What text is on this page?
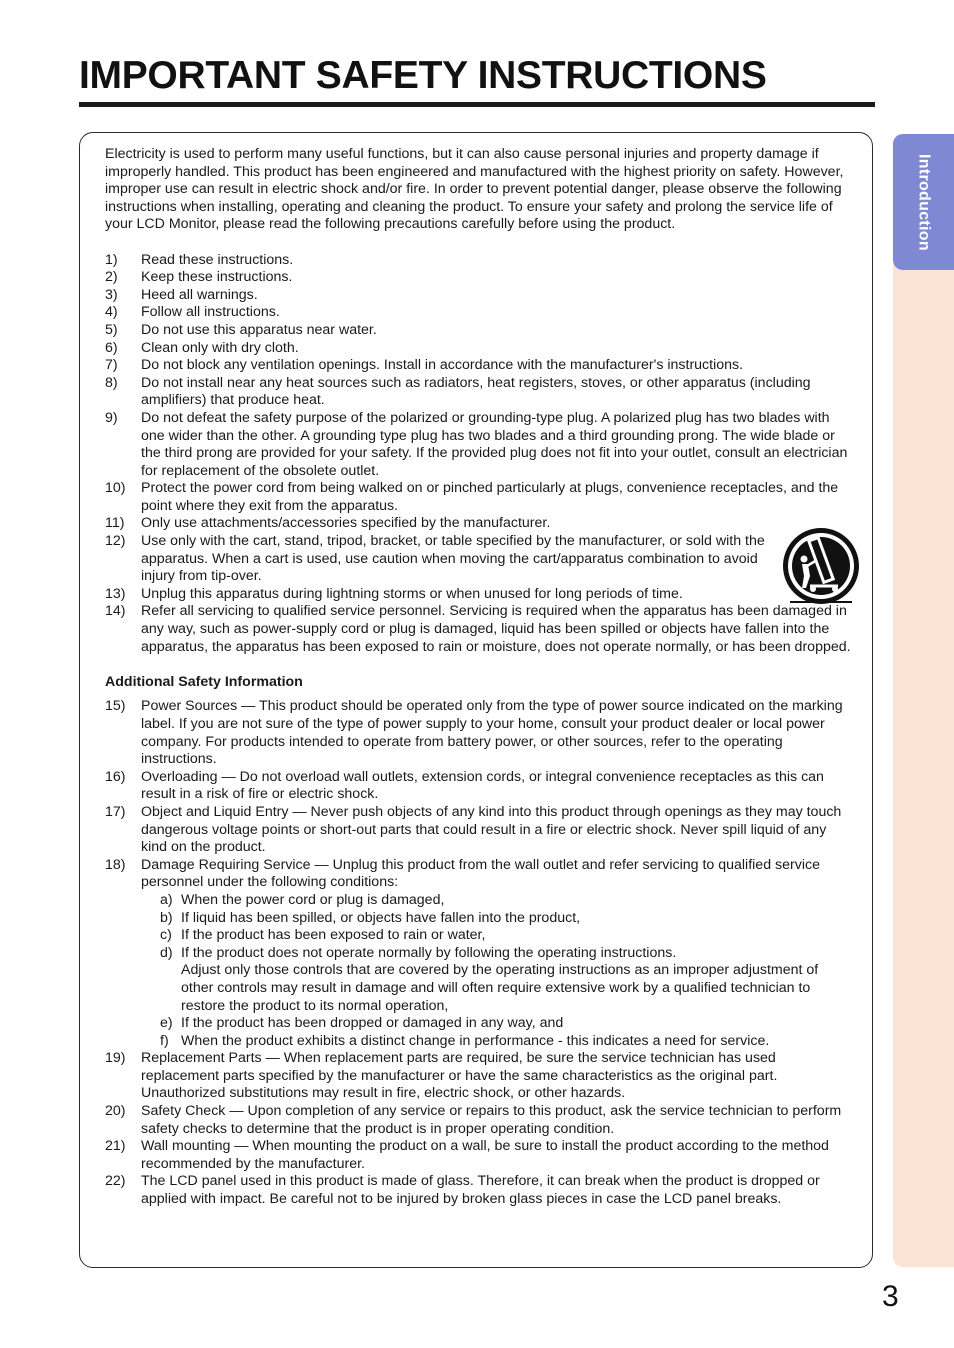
IMPORTANT SAFETY INSTRUCTIONS
Introduction

Electricity is used to perform many useful functions, but it can also cause personal injuries and property damage if improperly handled. This product has been engineered and manufactured with the highest priority on safety. However, improper use can result in electric shock and/or fire. In order to prevent potential danger, please observe the following instructions when installing, operating and cleaning the product. To ensure your safety and prolong the service life of your LCD Monitor, please read the following precautions carefully before using the product.

1) Read these instructions.
2) Keep these instructions.
3) Heed all warnings.
4) Follow all instructions.
5) Do not use this apparatus near water.
6) Clean only with dry cloth.
7) Do not block any ventilation openings. Install in accordance with the manufacturer's instructions.
8) Do not install near any heat sources such as radiators, heat registers, stoves, or other apparatus (including amplifiers) that produce heat.
9) Do not defeat the safety purpose of the polarized or grounding-type plug. A polarized plug has two blades with one wider than the other. A grounding type plug has two blades and a third grounding prong. The wide blade or the third prong are provided for your safety. If the provided plug does not fit into your outlet, consult an electrician for replacement of the obsolete outlet.
10) Protect the power cord from being walked on or pinched particularly at plugs, convenience receptacles, and the point where they exit from the apparatus.
11) Only use attachments/accessories specified by the manufacturer.
12) Use only with the cart, stand, tripod, bracket, or table specified by the manufacturer, or sold with the apparatus. When a cart is used, use caution when moving the cart/apparatus combination to avoid injury from tip-over.
13) Unplug this apparatus during lightning storms or when unused for long periods of time.
14) Refer all servicing to qualified service personnel. Servicing is required when the apparatus has been damaged in any way, such as power-supply cord or plug is damaged, liquid has been spilled or objects have fallen into the apparatus, the apparatus has been exposed to rain or moisture, does not operate normally, or has been dropped.
Additional Safety Information
15) Power Sources — This product should be operated only from the type of power source indicated on the marking label. If you are not sure of the type of power supply to your home, consult your product dealer or local power company. For products intended to operate from battery power, or other sources, refer to the operating instructions.
16) Overloading — Do not overload wall outlets, extension cords, or integral convenience receptacles as this can result in a risk of fire or electric shock.
17) Object and Liquid Entry — Never push objects of any kind into this product through openings as they may touch dangerous voltage points or short-out parts that could result in a fire or electric shock. Never spill liquid of any kind on the product.
18) Damage Requiring Service — Unplug this product from the wall outlet and refer servicing to qualified service personnel under the following conditions:
a) When the power cord or plug is damaged,
b) If liquid has been spilled, or objects have fallen into the product,
c) If the product has been exposed to rain or water,
d) If the product does not operate normally by following the operating instructions.
Adjust only those controls that are covered by the operating instructions as an improper adjustment of other controls may result in damage and will often require extensive work by a qualified technician to restore the product to its normal operation,
e) If the product has been dropped or damaged in any way, and
f) When the product exhibits a distinct change in performance - this indicates a need for service.
19) Replacement Parts — When replacement parts are required, be sure the service technician has used replacement parts specified by the manufacturer or have the same characteristics as the original part. Unauthorized substitutions may result in fire, electric shock, or other hazards.
20) Safety Check — Upon completion of any service or repairs to this product, ask the service technician to perform safety checks to determine that the product is in proper operating condition.
21) Wall mounting — When mounting the product on a wall, be sure to install the product according to the method recommended by the manufacturer.
22) The LCD panel used in this product is made of glass. Therefore, it can break when the product is dropped or applied with impact. Be careful not to be injured by broken glass pieces in case the LCD panel breaks.
3
